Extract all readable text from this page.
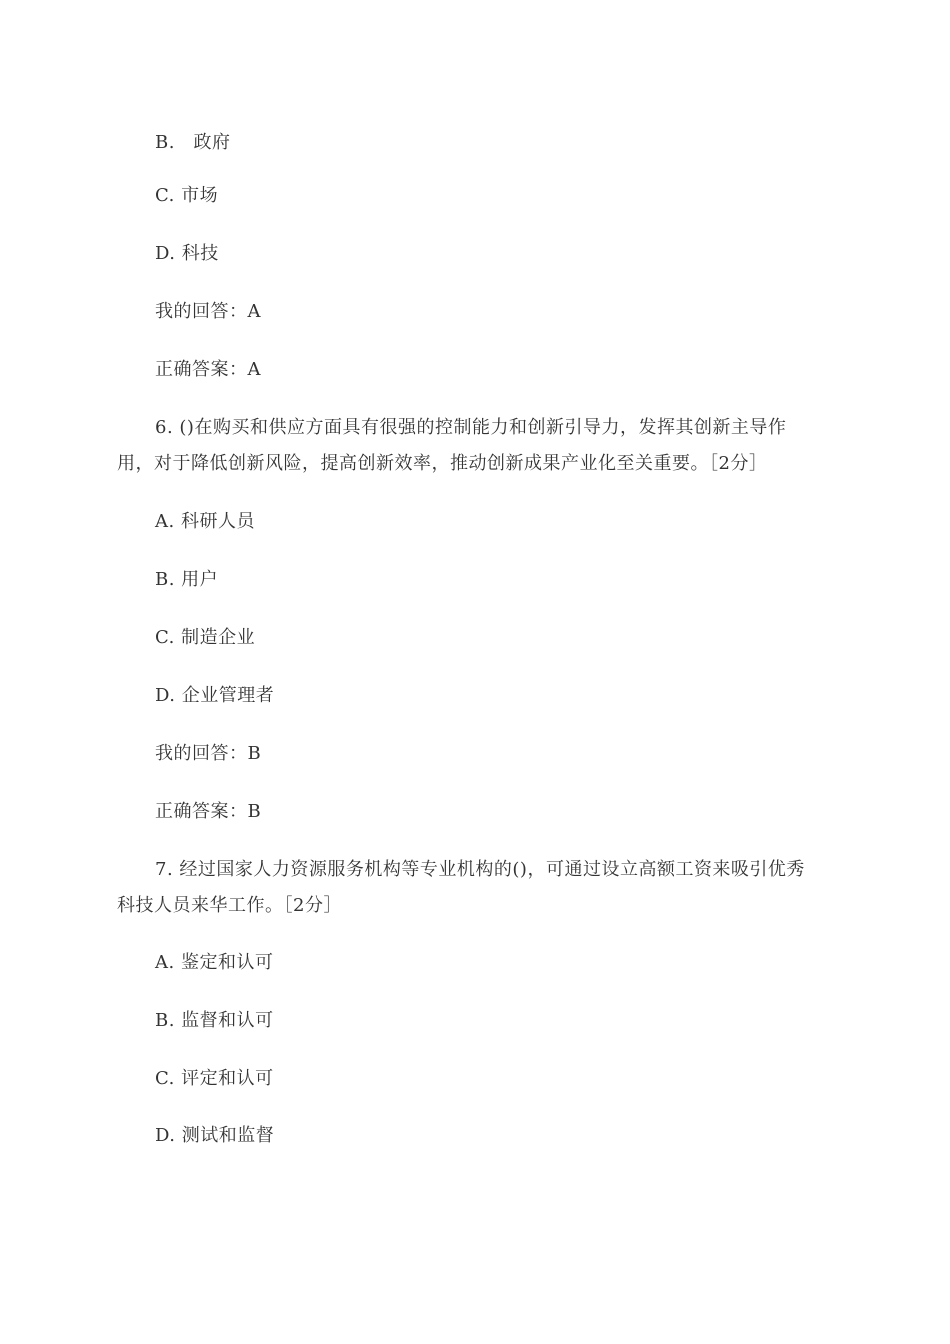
B.　政府
C. 市场
D. 科技
我的回答：A
正确答案：A
6. ()在购买和供应方面具有很强的控制能力和创新引导力，发挥其创新主导作用，对于降低创新风险，提高创新效率，推动创新成果产业化至关重要。［2分］
A. 科研人员
B. 用户
C. 制造企业
D. 企业管理者
我的回答：B
正确答案：B
7. 经过国家人力资源服务机构等专业机构的()，可通过设立高额工资来吸引优秀科技人员来华工作。［2分］
A. 鉴定和认可
B. 监督和认可
C. 评定和认可
D. 测试和监督
